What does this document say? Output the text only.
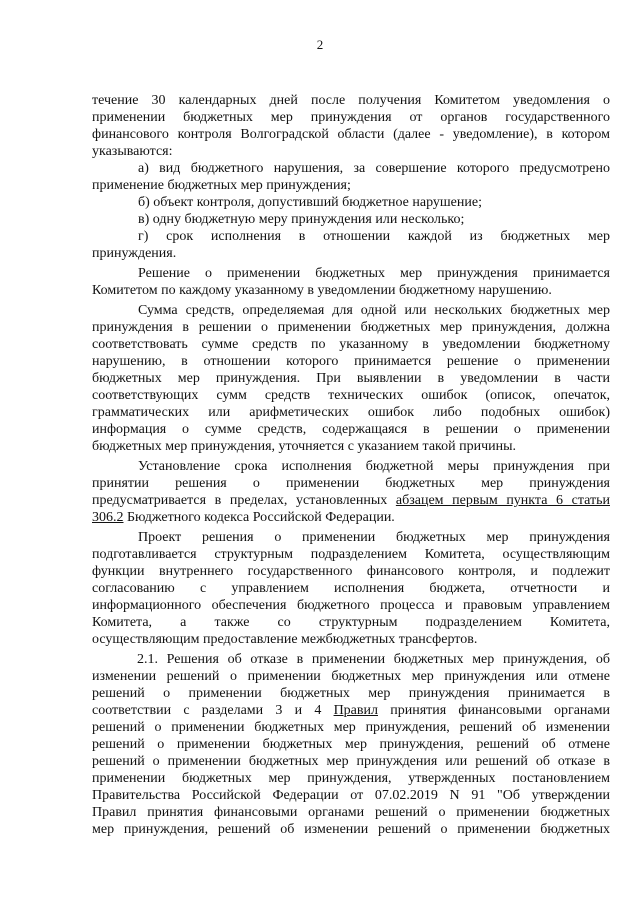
2
течение 30 календарных дней после получения Комитетом уведомления о
применении бюджетных мер принуждения от органов государственного
финансового контроля Волгоградской области (далее - уведомление), в котором
указываются:
а) вид бюджетного нарушения, за совершение которого предусмотрено
применение бюджетных мер принуждения;
б) объект контроля, допустивший бюджетное нарушение;
в) одну бюджетную меру принуждения или несколько;
г) срок исполнения в отношении каждой из бюджетных мер
принуждения.
Решение о применении бюджетных мер принуждения принимается
Комитетом по каждому указанному в уведомлении бюджетному нарушению.
Сумма средств, определяемая для одной или нескольких бюджетных мер
принуждения в решении о применении бюджетных мер принуждения, должна
соответствовать сумме средств по указанному в уведомлении бюджетному
нарушению, в отношении которого принимается решение о применении
бюджетных мер принуждения. При выявлении в уведомлении в части
соответствующих сумм средств технических ошибок (описок, опечаток,
грамматических или арифметических ошибок либо подобных ошибок)
информация о сумме средств, содержащаяся в решении о применении
бюджетных мер принуждения, уточняется с указанием такой причины.
Установление срока исполнения бюджетной меры принуждения при
принятии решения о применении бюджетных мер принуждения
предусматривается в пределах, установленных абзацем первым пункта 6 статьи
306.2 Бюджетного кодекса Российской Федерации.
Проект решения о применении бюджетных мер принуждения
подготавливается структурным подразделением Комитета, осуществляющим
функции внутреннего государственного финансового контроля, и подлежит
согласованию с управлением исполнения бюджета, отчетности и
информационного обеспечения бюджетного процесса и правовым управлением
Комитета, а также со структурным подразделением Комитета,
осуществляющим предоставление межбюджетных трансфертов.
2.1. Решения об отказе в применении бюджетных мер принуждения, об
изменении решений о применении бюджетных мер принуждения или отмене
решений о применении бюджетных мер принуждения принимается в
соответствии с разделами 3 и 4 Правил принятия финансовыми органами
решений о применении бюджетных мер принуждения, решений об изменении
решений о применении бюджетных мер принуждения, решений об отмене
решений о применении бюджетных мер принуждения или решений об отказе в
применении бюджетных мер принуждения, утвержденных постановлением
Правительства Российской Федерации от 07.02.2019 N 91 "Об утверждении
Правил принятия финансовыми органами решений о применении бюджетных
мер принуждения, решений об изменении решений о применении бюджетных
